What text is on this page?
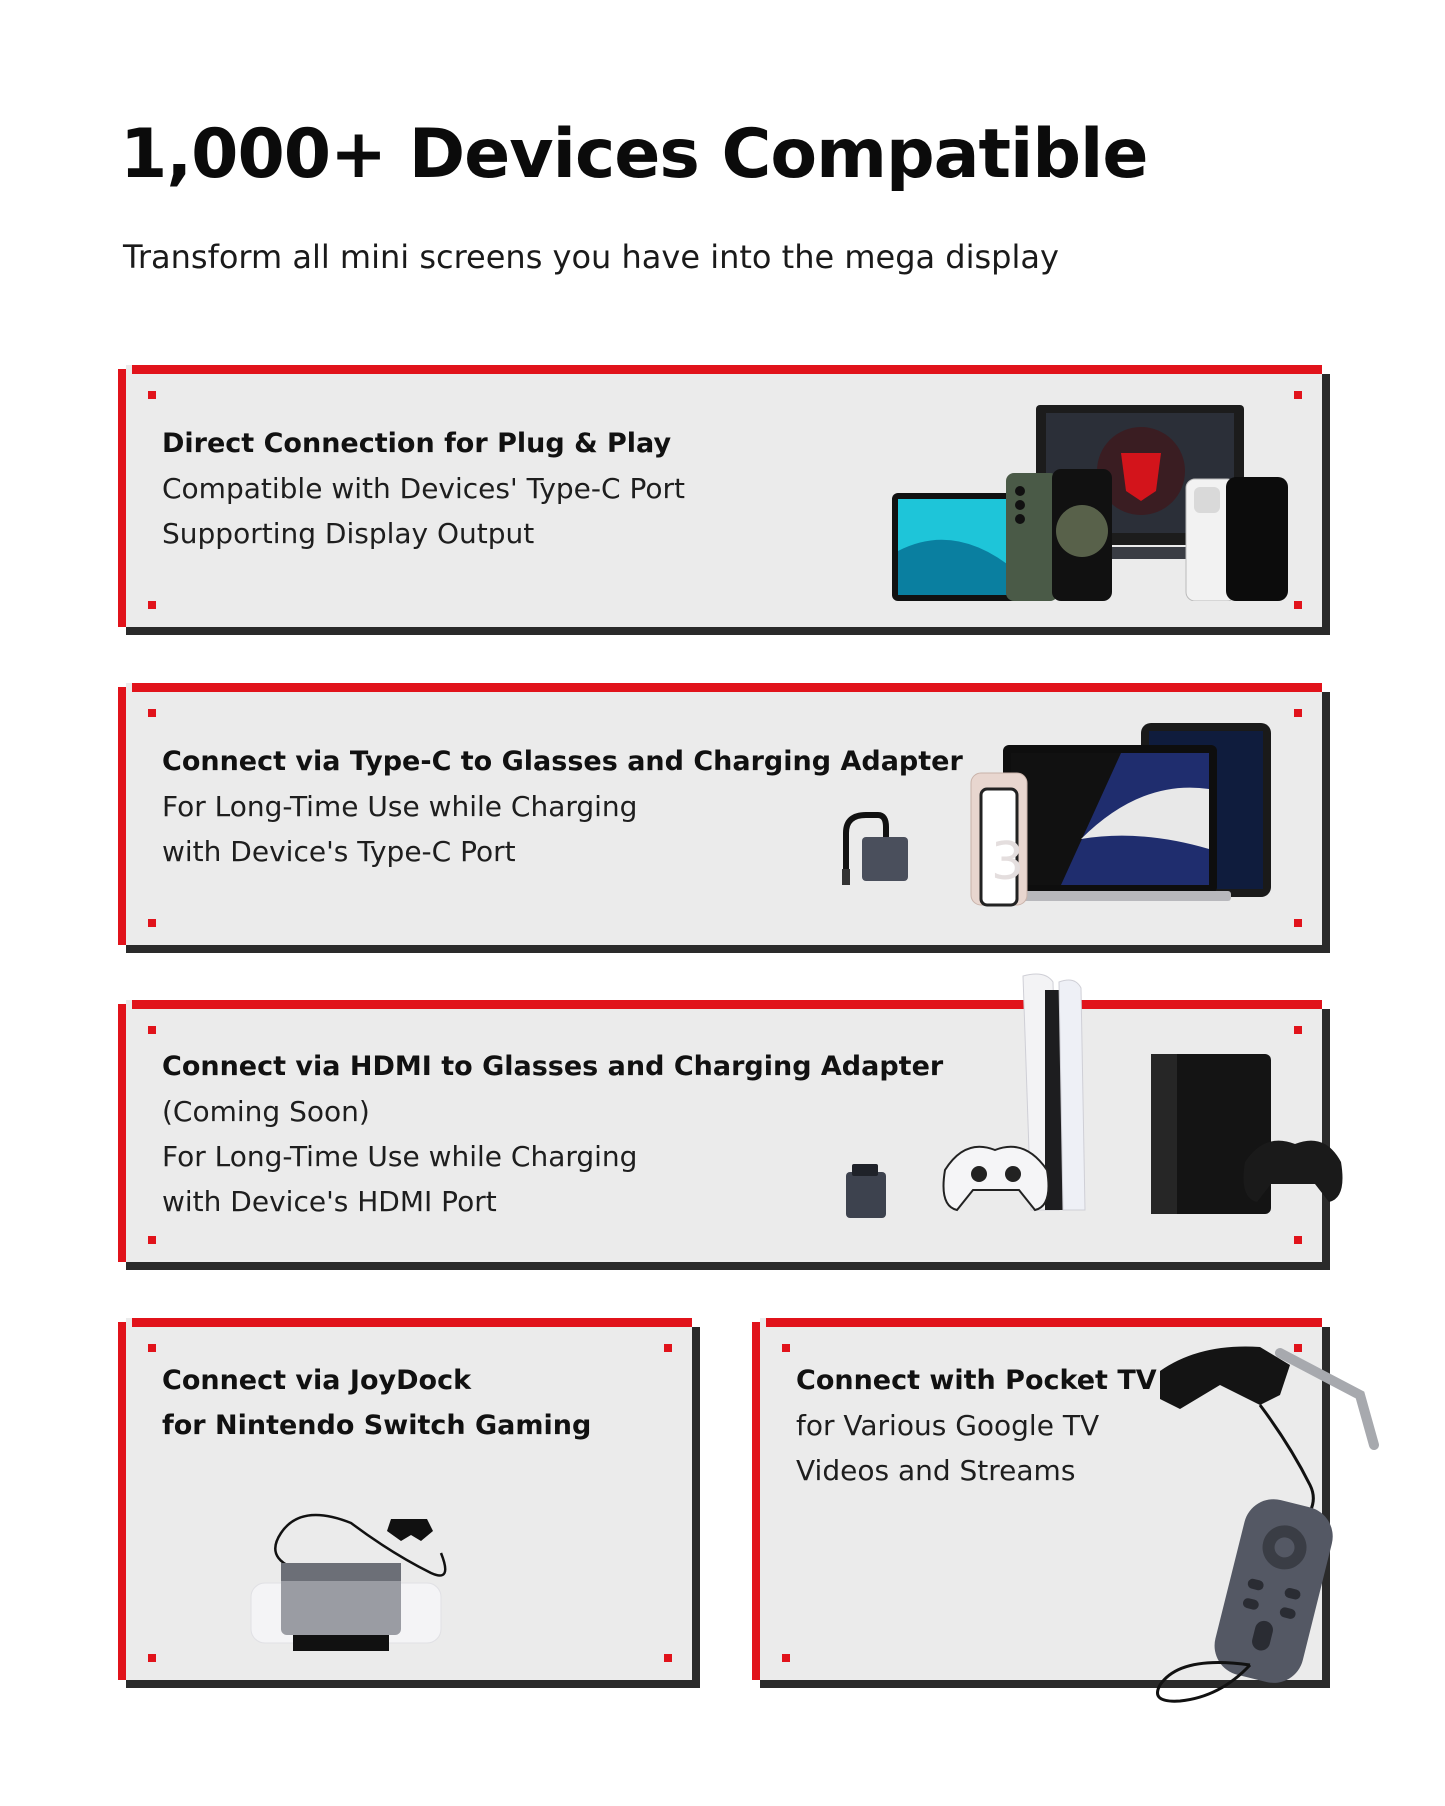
1,000+ Devices Compatible

Transform all mini screens you have into the mega display

Direct Connection for Plug & Play
Compatible with Devices' Type-C Port
Supporting Display Output
Connect via Type-C to Glasses and Charging Adapter
For Long-Time Use while Charging
with Device's Type-C Port	3
Connect via HDMI to Glasses and Charging Adapter
(Coming Soon)
For Long-Time Use while Charging
with Device's HDMI Port
Connect via JoyDock
for Nintendo Switch Gaming
Connect with Pocket TV
for Various Google TV
Videos and Streams
